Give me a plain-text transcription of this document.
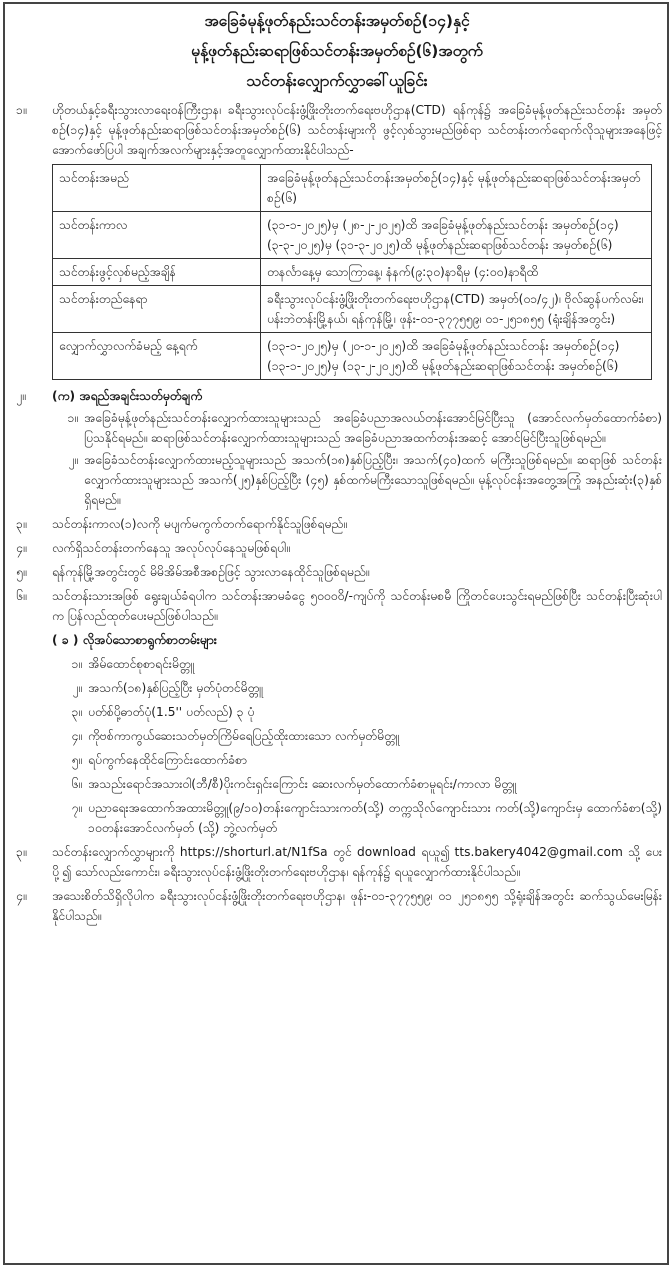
အခြေခံမုန့်ဖုတ်နည်းသင်တန်းအမှတ်စဉ်(၁၄)နှင့်

မုန့်ဖုတ်နည်းဆရာဖြစ်သင်တန်းအမှတ်စဉ်(၆)အတွက်

သင်တန်းလျှောက်လွှာခေါ်ယူခြင်း

၁။	ဟိုတယ်နှင့်ခရီးသွားလာရေးဝန်ကြီးဌာန၊ ခရီးသွားလုပ်ငန်းဖွံ့ဖြိုးတိုးတက်ရေးဗဟိုဌာန(CTD) ရန်ကုန်၌ အခြေခံမုန့်ဖုတ်နည်းသင်တန်း အမှတ်စဉ်(၁၄)နှင့် မုန့်ဖုတ်နည်းဆရာဖြစ်သင်တန်းအမှတ်စဉ်(၆) သင်တန်းများကို ဖွင့်လှစ်သွားမည်ဖြစ်ရာ သင်တန်းတက်ရောက်လိုသူများအနေဖြင့် အောက်ဖော်ပြပါ အချက်အလက်များနှင့်အတူလျှောက်ထားနိုင်ပါသည်-
သင်တန်းအမည်	အခြေခံမုန့်ဖုတ်နည်းသင်တန်းအမှတ်စဉ်(၁၄)နှင့် မုန့်ဖုတ်နည်းဆရာဖြစ်သင်တန်းအမှတ်စဉ်(၆)
သင်တန်းကာလ	(၃၁-၁-၂၀၂၅)မှ (၂၈-၂-၂၀၂၅)ထိ အခြေခံမုန့်ဖုတ်နည်းသင်တန်း အမှတ်စဉ်(၁၄) (၃-၃-၂၀၂၅)မှ (၃၁-၃-၂၀၂၅)ထိ မုန့်ဖုတ်နည်းဆရာဖြစ်သင်တန်း အမှတ်စဉ်(၆)
သင်တန်းဖွင့်လှစ်မည့်အချိန်	တနင်္လာနေ့မှ သောကြာနေ့၊ နံနက်(၉:၃၀)နာရီမှ (၄:၀၀)နာရီထိ
သင်တန်းတည်နေရာ	ခရီးသွားလုပ်ငန်းဖွံ့ဖြိုးတိုးတက်ရေးဗဟိုဌာန(CTD) အမှတ်(၀၁/၄၂)၊ ဗိုလ်ဆွန်ပက်လမ်း၊ ပန်းဘဲတန်းမြို့နယ်၊ ရန်ကုန်မြို့၊ ဖုန်း-၀၁-၃၇၇၅၅၉၊ ၀၁-၂၅၁၈၅၅ (ရုံးချိန်အတွင်း)
လျှောက်လွှာလက်ခံမည့် နေ့ရက်	(၁၃-၁-၂၀၂၅)မှ (၂၀-၁-၂၀၂၅)ထိ အခြေခံမုန့်ဖုတ်နည်းသင်တန်း အမှတ်စဉ်(၁၄) (၁၃-၁-၂၀၂၅)မှ (၁၃-၂-၂၀၂၅)ထိ မုန့်ဖုတ်နည်းဆရာဖြစ်သင်တန်း အမှတ်စဉ်(၆)
၂။	(က) အရည်အချင်းသတ်မှတ်ချက်
၁။ အခြေခံမုန့်ဖုတ်နည်းသင်တန်းလျှောက်ထားသူများသည် အခြေခံပညာအလယ်တန်းအောင်မြင်ပြီးသူ (အောင်လက်မှတ်ထောက်ခံစာ) ပြသနိုင်ရမည်။ ဆရာဖြစ်သင်တန်းလျှောက်ထားသူများသည် အခြေခံပညာအထက်တန်းအဆင့် အောင်မြင်ပြီးသူဖြစ်ရမည်။
၂။ အခြေခံသင်တန်းလျှောက်ထားမည့်သူများသည် အသက်(၁၈)နှစ်ပြည့်ပြီး၊ အသက်(၄၀)ထက် မကြီးသူဖြစ်ရမည်။ ဆရာဖြစ် သင်တန်းလျှောက်ထားသူများသည် အသက်(၂၅)နှစ်ပြည့်ပြီး (၄၅) နှစ်ထက်မကြီးသောသူဖြစ်ရမည်။ မုန့်လုပ်ငန်းအတွေ့အကြုံ အနည်းဆုံး(၃)နှစ်ရှိရမည်။
၃။	သင်တန်းကာလ(၁)လကို မပျက်မကွက်တက်ရောက်နိုင်သူဖြစ်ရမည်။
၄။	လက်ရှိသင်တန်းတက်နေသူ အလုပ်လုပ်နေသူမဖြစ်ရပါ။
၅။	ရန်ကုန်မြို့အတွင်းတွင် မိမိအိမ်အစီအစဉ်ဖြင့် သွားလာနေထိုင်သူဖြစ်ရမည်။
၆။	သင်တန်းသားအဖြစ် ရွေးချယ်ခံရပါက သင်တန်းအာမခံငွေ ၅၀၀၀၀ိ/-ကျပ်ကို သင်တန်းမစမီ ကြိုတင်ပေးသွင်းရမည်ဖြစ်ပြီး သင်တန်းပြီးဆုံးပါက ပြန်လည်ထုတ်ပေးမည်ဖြစ်ပါသည်။
( ခ ) လိုအပ်သောစာရွက်စာတမ်းများ
၁။ အိမ်ထောင်စုစာရင်းမိတ္တူ
၂။ အသက်(၁၈)နှစ်ပြည့်ပြီး မှတ်ပုံတင်မိတ္တူ
၃။ ပတ်စ်ပို့ဓာတ်ပုံ(1.5'' ပတ်လည်) ၃ ပုံ
၄။ ကိုဗစ်ကာကွယ်ဆေးသတ်မှတ်ကြိမ်ရေပြည့်ထိုးထားသော လက်မှတ်မိတ္တူ
၅။ ရပ်ကွက်နေထိုင်ကြောင်းထောက်ခံစာ
၆။ အသည်းရောင်အသားဝါ(ဘီ/စီ)ပိုးကင်းရှင်းကြောင်း ဆေးလက်မှတ်ထောက်ခံစာမူရင်း/ကာလာ မိတ္တူ
၇။ ပညာရေးအထောက်အထားမိတ္တူ(၉/၁၀)တန်းကျောင်းသားကတ်(သို့) တက္ကသိုလ်ကျောင်းသား ကတ်(သို့)ကျောင်းမှ ထောက်ခံစာ(သို့) ၁၀တန်းအောင်လက်မှတ် (သို့) ဘွဲ့လက်မှတ်
၃။	သင်တန်းလျှောက်လွှာများကို https://shorturl.at/N1fSa တွင် download ရယူ၍ tts.bakery4042@gmail.com သို့ ပေးပို့၍ သော်လည်းကောင်း၊ ခရီးသွားလုပ်ငန်းဖွံ့ဖြိုးတိုးတက်ရေးဗဟိုဌာန၊ ရန်ကုန်၌ ရယူလျှောက်ထားနိုင်ပါသည်။
၄။	အသေးစိတ်သိရှိလိုပါက ခရီးသွားလုပ်ငန်းဖွံ့ဖြိုးတိုးတက်ရေးဗဟိုဌာန၊ ဖုန်း-၀၁-၃၇၇၅၅၉၊ ၀၁ ၂၅၁၈၅၅ သို့ရုံးချိန်အတွင်း ဆက်သွယ်မေးမြန်းနိုင်ပါသည်။
